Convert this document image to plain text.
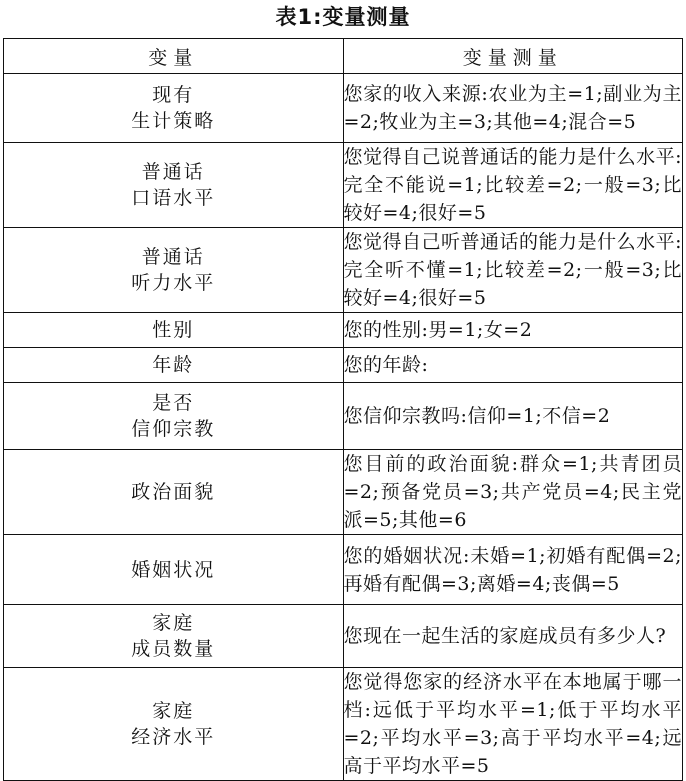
表1:变量测量
变量	变量测量
现有
生计策略	您家的收入来源:农业为主=1;副业为主=2;牧业为主=3;其他=4;混合=5
普通话
口语水平	您觉得自己说普通话的能力是什么水平:完全不能说=1;比较差=2;一般=3;比较好=4;很好=5
普通话
听力水平	您觉得自己听普通话的能力是什么水平:完全听不懂=1;比较差=2;一般=3;比较好=4;很好=5
性别	您的性别:男=1;女=2
年龄	您的年龄:
是否
信仰宗教	您信仰宗教吗:信仰=1;不信=2
政治面貌	您目前的政治面貌:群众=1;共青团员=2;预备党员=3;共产党员=4;民主党派=5;其他=6
婚姻状况	您的婚姻状况:未婚=1;初婚有配偶=2;再婚有配偶=3;离婚=4;丧偶=5
家庭
成员数量	您现在一起生活的家庭成员有多少人?
家庭
经济水平	您觉得您家的经济水平在本地属于哪一档:远低于平均水平=1;低于平均水平=2;平均水平=3;高于平均水平=4;远高于平均水平=5
